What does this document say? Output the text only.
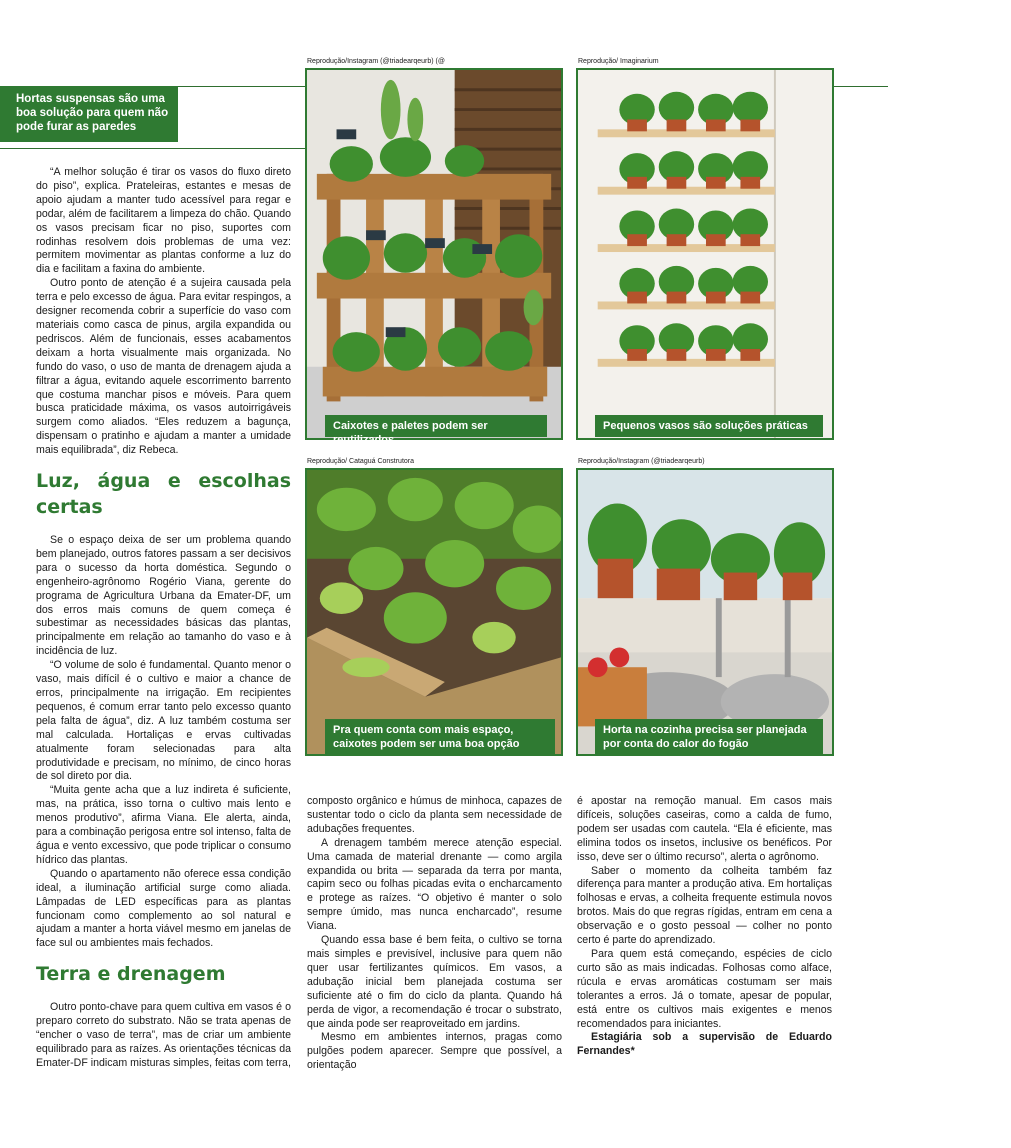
Hortas suspensas são uma boa solução para quem não pode furar as paredes

“A melhor solução é tirar os vasos do fluxo direto do piso”, explica. Prateleiras, estantes e mesas de apoio ajudam a manter tudo acessível para regar e podar, além de facilitarem a limpeza do chão. Quando os vasos precisam ficar no piso, suportes com rodinhas resolvem dois problemas de uma vez: permitem movimentar as plantas conforme a luz do dia e facilitam a faxina do ambiente.

Outro ponto de atenção é a sujeira causada pela terra e pelo excesso de água. Para evitar respingos, a designer recomenda cobrir a superfície do vaso com materiais como casca de pinus, argila expandida ou pedriscos. Além de funcionais, esses acabamentos deixam a horta visualmente mais organizada. No fundo do vaso, o uso de manta de drenagem ajuda a filtrar a água, evitando aquele escorrimento barrento que costuma manchar pisos e móveis. Para quem busca praticidade máxima, os vasos autoirrigáveis surgem como aliados. “Eles reduzem a bagunça, dispensam o pratinho e ajudam a manter a umidade mais equilibrada”, diz Rebeca.

Luz, água e escolhas certas

Se o espaço deixa de ser um problema quando bem planejado, outros fatores passam a ser decisivos para o sucesso da horta doméstica. Segundo o engenheiro-agrônomo Rogério Viana, gerente do programa de Agricultura Urbana da Emater-DF, um dos erros mais comuns de quem começa é subestimar as necessidades básicas das plantas, principalmente em relação ao tamanho do vaso e à incidência de luz.

“O volume de solo é fundamental. Quanto menor o vaso, mais difícil é o cultivo e maior a chance de erros, principalmente na irrigação. Em recipientes pequenos, é comum errar tanto pelo excesso quanto pela falta de água”, diz. A luz também costuma ser mal calculada. Hortaliças e ervas cultivadas atualmente foram selecionadas para alta produtividade e precisam, no mínimo, de cinco horas de sol direto por dia.

“Muita gente acha que a luz indireta é suficiente, mas, na prática, isso torna o cultivo mais lento e menos produtivo”, afirma Viana. Ele alerta, ainda, para a combinação perigosa entre sol intenso, falta de água e vento excessivo, que pode triplicar o consumo hídrico das plantas.

Quando o apartamento não oferece essa condição ideal, a iluminação artificial surge como aliada. Lâmpadas de LED específicas para as plantas funcionam como complemento ao sol natural e ajudam a manter a horta viável mesmo em janelas de face sul ou ambientes mais fechados.

Terra e drenagem

Outro ponto-chave para quem cultiva em vasos é o preparo correto do substrato. Não se trata apenas de “encher o vaso de terra”, mas de criar um ambiente equilibrado para as raízes. As orientações técnicas da Emater-DF indicam misturas simples, feitas com terra,

composto orgânico e húmus de minhoca, capazes de sustentar todo o ciclo da planta sem necessidade de adubações frequentes.

A drenagem também merece atenção especial. Uma camada de material drenante — como argila expandida ou brita — separada da terra por manta, capim seco ou folhas picadas evita o encharcamento e protege as raízes. “O objetivo é manter o solo sempre úmido, mas nunca encharcado”, resume Viana.

Quando essa base é bem feita, o cultivo se torna mais simples e previsível, inclusive para quem não quer usar fertilizantes químicos. Em vasos, a adubação inicial bem planejada costuma ser suficiente até o fim do ciclo da planta. Quando há perda de vigor, a recomendação é trocar o substrato, que ainda pode ser reaproveitado em jardins.

Mesmo em ambientes internos, pragas como pulgões podem aparecer. Sempre que possível, a orientação

é apostar na remoção manual. Em casos mais difíceis, soluções caseiras, como a calda de fumo, podem ser usadas com cautela. “Ela é eficiente, mas elimina todos os insetos, inclusive os benéficos. Por isso, deve ser o último recurso”, alerta o agrônomo.

Saber o momento da colheita também faz diferença para manter a produção ativa. Em hortaliças folhosas e ervas, a colheita frequente estimula novos brotos. Mais do que regras rígidas, entram em cena a observação e o gosto pessoal — colher no ponto certo é parte do aprendizado.

Para quem está começando, espécies de ciclo curto são as mais indicadas. Folhosas como alface, rúcula e ervas aromáticas costumam ser mais tolerantes a erros. Já o tomate, apesar de popular, está entre os cultivos mais exigentes e menos recomendados para iniciantes.

Estagiária sob a supervisão de Eduardo Fernandes*

Reprodução/Instagram (@triadearqeurb) (@
Caixotes e paletes podem ser reutilizados
Reprodução/ Imaginarium
Pequenos vasos são soluções práticas
Reprodução/ Cataguá Construtora
Pra quem conta com mais espaço, caixotes podem ser uma boa opção
Reprodução/Instagram (@triadearqeurb)
Horta na cozinha precisa ser planejada por conta do calor do fogão
